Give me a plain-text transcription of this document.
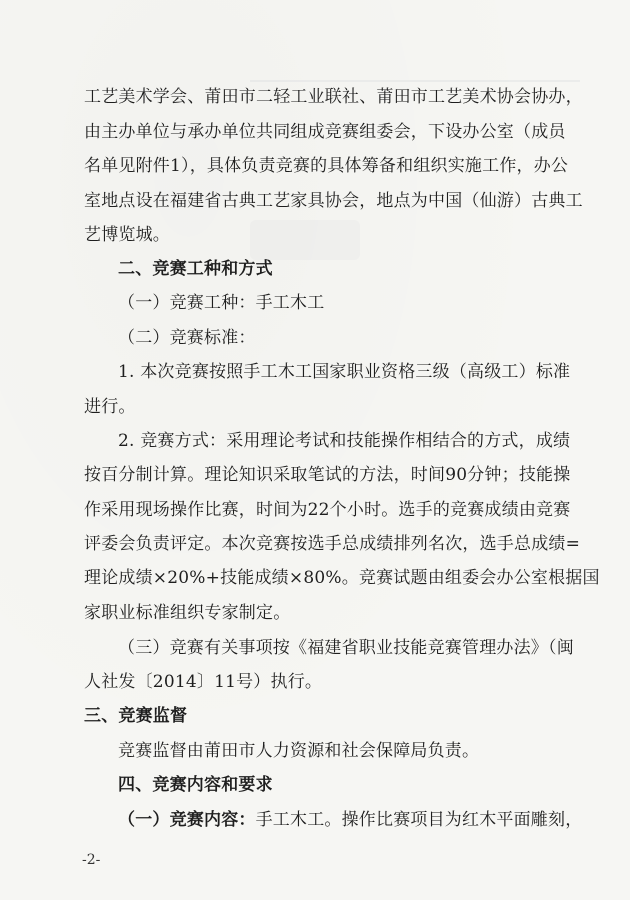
工艺美术学会、莆田市二轻工业联社、莆田市工艺美术协会协办，
由主办单位与承办单位共同组成竞赛组委会，下设办公室（成员
名单见附件1），具体负责竞赛的具体筹备和组织实施工作，办公
室地点设在福建省古典工艺家具协会，地点为中国（仙游）古典工
艺博览城。
二、竞赛工种和方式
（一）竞赛工种：手工木工
（二）竞赛标准：
1. 本次竞赛按照手工木工国家职业资格三级（高级工）标准
进行。
2. 竞赛方式：采用理论考试和技能操作相结合的方式，成绩
按百分制计算。理论知识采取笔试的方法，时间90分钟；技能操
作采用现场操作比赛，时间为22个小时。选手的竞赛成绩由竞赛
评委会负责评定。本次竞赛按选手总成绩排列名次，选手总成绩=
理论成绩×20%+技能成绩×80%。竞赛试题由组委会办公室根据国
家职业标准组织专家制定。
（三）竞赛有关事项按《福建省职业技能竞赛管理办法》（闽
人社发〔2014〕11号）执行。
三、竞赛监督
竞赛监督由莆田市人力资源和社会保障局负责。
四、竞赛内容和要求
（一）竞赛内容：手工木工。操作比赛项目为红木平面雕刻，
-2-
